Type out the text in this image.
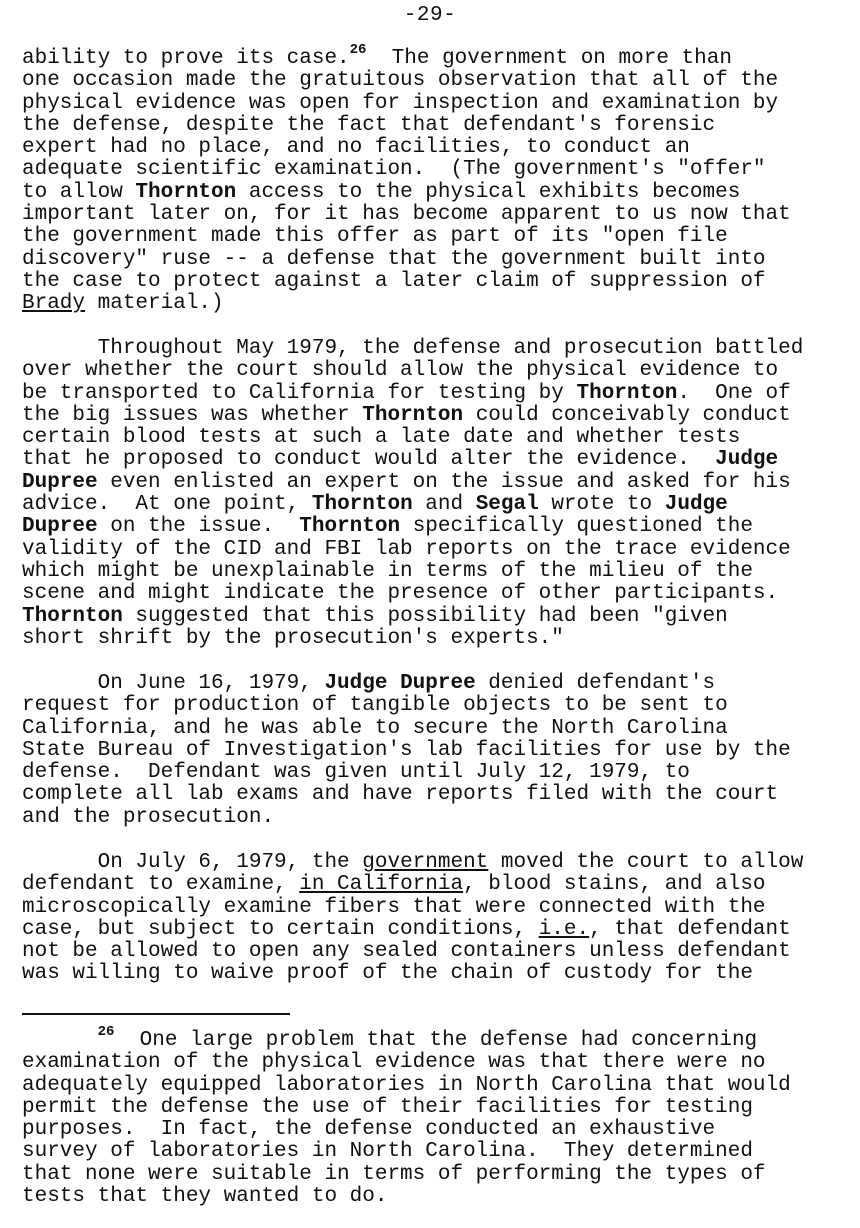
-29-
ability to prove its case.$^{26}$  The government on more than
one occasion made the gratuitous observation that all of the
physical evidence was open for inspection and examination by
the defense, despite the fact that defendant's forensic
expert had no place, and no facilities, to conduct an
adequate scientific examination.  (The government's "offer"
to allow Thornton access to the physical exhibits becomes
important later on, for it has become apparent to us now that
the government made this offer as part of its "open file
discovery" ruse -- a defense that the government built into
the case to protect against a later claim of suppression of
Brady material.)
Throughout May 1979, the defense and prosecution battled
over whether the court should allow the physical evidence to
be transported to California for testing by Thornton.  One of
the big issues was whether Thornton could conceivably conduct
certain blood tests at such a late date and whether tests
that he proposed to conduct would alter the evidence.  Judge
Dupree even enlisted an expert on the issue and asked for his
advice.  At one point, Thornton and Segal wrote to Judge
Dupree on the issue.  Thornton specifically questioned the
validity of the CID and FBI lab reports on the trace evidence
which might be unexplainable in terms of the milieu of the
scene and might indicate the presence of other participants.
Thornton suggested that this possibility had been "given
short shrift by the prosecution's experts."
On June 16, 1979, Judge Dupree denied defendant's
request for production of tangible objects to be sent to
California, and he was able to secure the North Carolina
State Bureau of Investigation's lab facilities for use by the
defense.  Defendant was given until July 12, 1979, to
complete all lab exams and have reports filed with the court
and the prosecution.
On July 6, 1979, the government moved the court to allow
defendant to examine, in California, blood stains, and also
microscopically examine fibers that were connected with the
case, but subject to certain conditions, i.e., that defendant
not be allowed to open any sealed containers unless defendant
was willing to waive proof of the chain of custody for the
$^{26}$  One large problem that the defense had concerning
examination of the physical evidence was that there were no
adequately equipped laboratories in North Carolina that would
permit the defense the use of their facilities for testing
purposes.  In fact, the defense conducted an exhaustive
survey of laboratories in North Carolina.  They determined
that none were suitable in terms of performing the types of
tests that they wanted to do.
